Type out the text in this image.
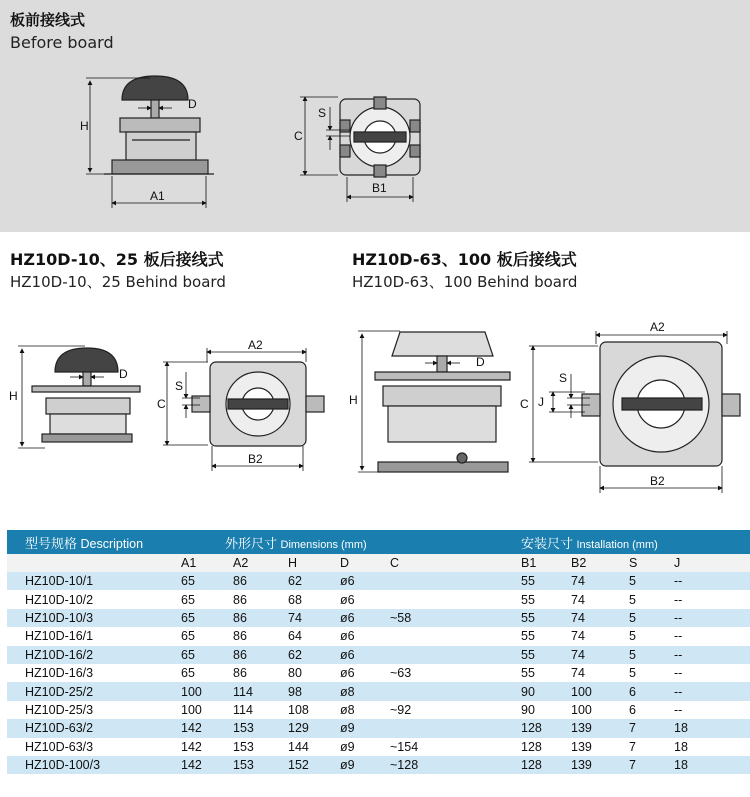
板前接线式
Before board
HZ10D-10、25 板后接线式
HZ10D-10、25 Behind board
HZ10D-63、100 板后接线式
HZ10D-63、100 Behind board
H
D
A1
C
S
B1
H
D
A2
B2
C
S
H
D
A2
B2
C J
S
型号规格 Description	外形尺寸 Dimensions (mm)					安装尺寸 Installation (mm)			
	A1	A2	H	D	C	B1	B2	S	J
HZ10D-10/1	65	86	62	ø6		55	74	5	--
HZ10D-10/2	65	86	68	ø6		55	74	5	--
HZ10D-10/3	65	86	74	ø6	~58	55	74	5	--
HZ10D-16/1	65	86	64	ø6		55	74	5	--
HZ10D-16/2	65	86	62	ø6		55	74	5	--
HZ10D-16/3	65	86	80	ø6	~63	55	74	5	--
HZ10D-25/2	100	114	98	ø8		90	100	6	--
HZ10D-25/3	100	114	108	ø8	~92	90	100	6	--
HZ10D-63/2	142	153	129	ø9		128	139	7	18
HZ10D-63/3	142	153	144	ø9	~154	128	139	7	18
HZ10D-100/3	142	153	152	ø9	~128	128	139	7	18
